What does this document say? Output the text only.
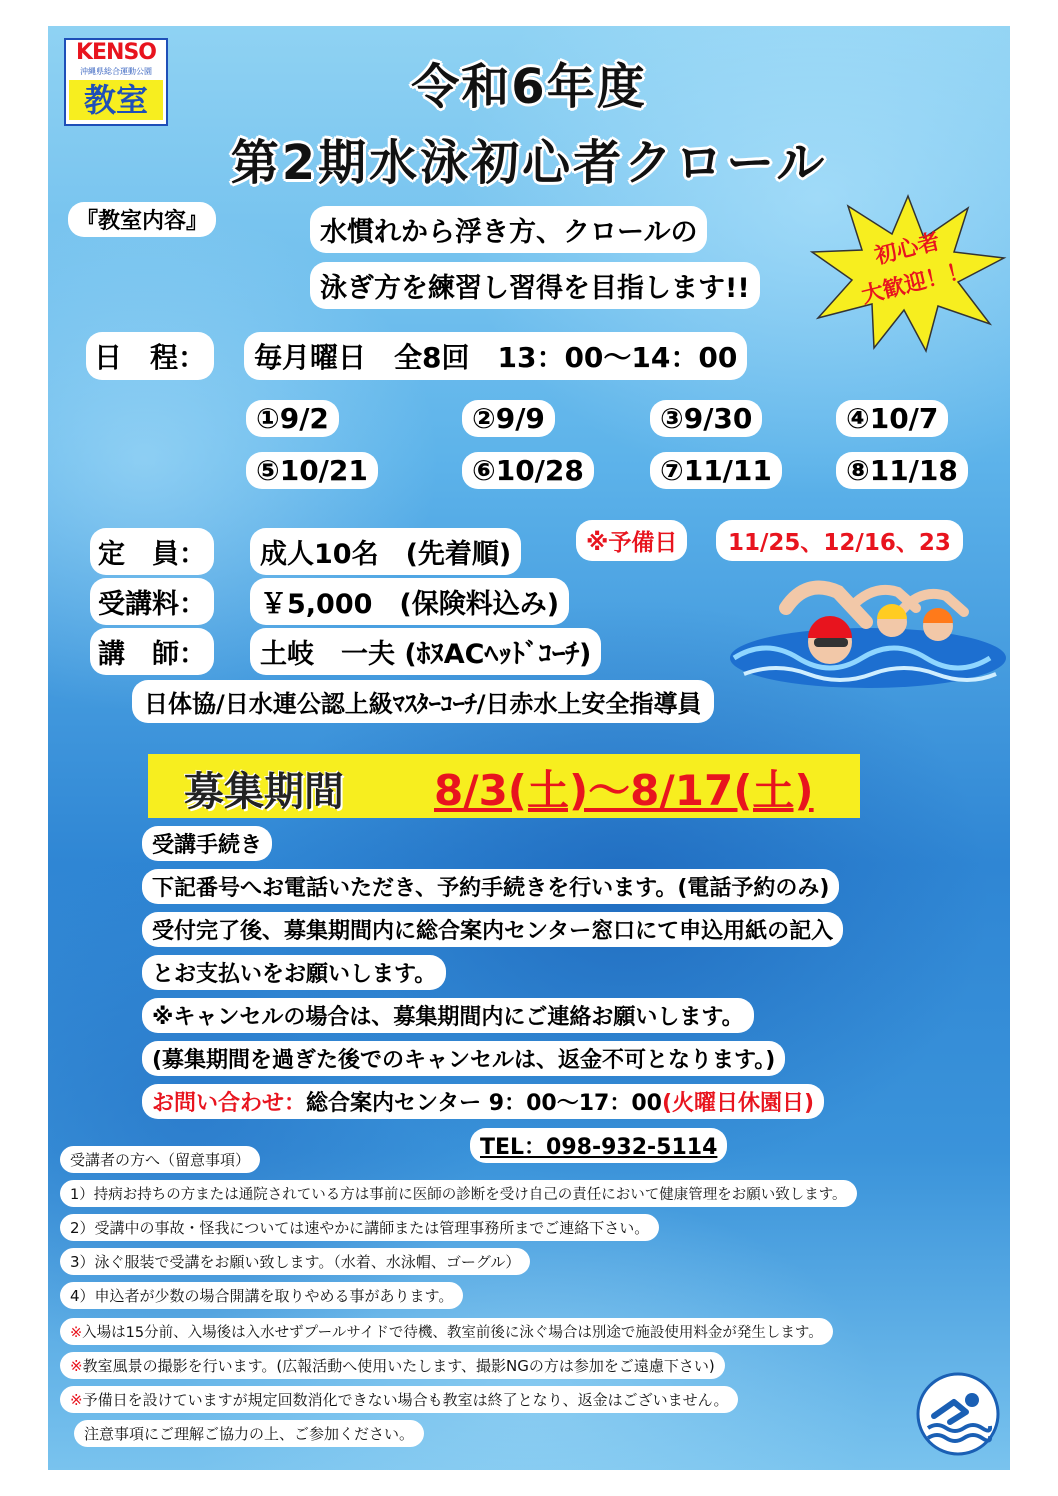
KENSO
沖縄県総合運動公園
教室	令和6年度
第2期水泳初心者クロール
初心者
大歓迎！！
『教室内容』	水慣れから浮き方、クロールの
泳ぎ方を練習し習得を目指します!!
日　程：	毎月曜日　全8回　13：00～14：00
①9/2	②9/9	③9/30	④10/7
⑤10/21	⑥10/28	⑦11/11	⑧11/18
定　員：	成人10名　(先着順)	※予備日	11/25、12/16、23
受講料：	￥5,000　(保険料込み)
講　師：	土岐　一夫 (ﾎﾇACﾍｯﾄﾞｺｰﾁ)
日体協/日水連公認上級ﾏｽﾀｰｺｰﾁ/日赤水上安全指導員
募集期間 8/3(土)～8/17(土)
受講手続き
下記番号へお電話いただき、予約手続きを行います。(電話予約のみ)
受付完了後、募集期間内に総合案内センター窓口にて申込用紙の記入
とお支払いをお願いします。
※キャンセルの場合は、募集期間内にご連絡お願いします。
(募集期間を過ぎた後でのキャンセルは、返金不可となります。)
お問い合わせ：総合案内センター 9：00～17：00(火曜日休園日)
TEL：098-932-5114
受講者の方へ（留意事項）
1）持病お持ちの方または通院されている方は事前に医師の診断を受け自己の責任において健康管理をお願い致します。
2）受講中の事故・怪我については速やかに講師または管理事務所までご連絡下さい。
3）泳ぐ服装で受講をお願い致します。（水着、水泳帽、ゴーグル）
4）申込者が少数の場合開講を取りやめる事があります。
※入場は15分前、入場後は入水せずプールサイドで待機、教室前後に泳ぐ場合は別途で施設使用料金が発生します。
※教室風景の撮影を行います。(広報活動へ使用いたします、撮影NGの方は参加をご遠慮下さい)
※予備日を設けていますが規定回数消化できない場合も教室は終了となり、返金はございません。
注意事項にご理解ご協力の上、ご参加ください。
